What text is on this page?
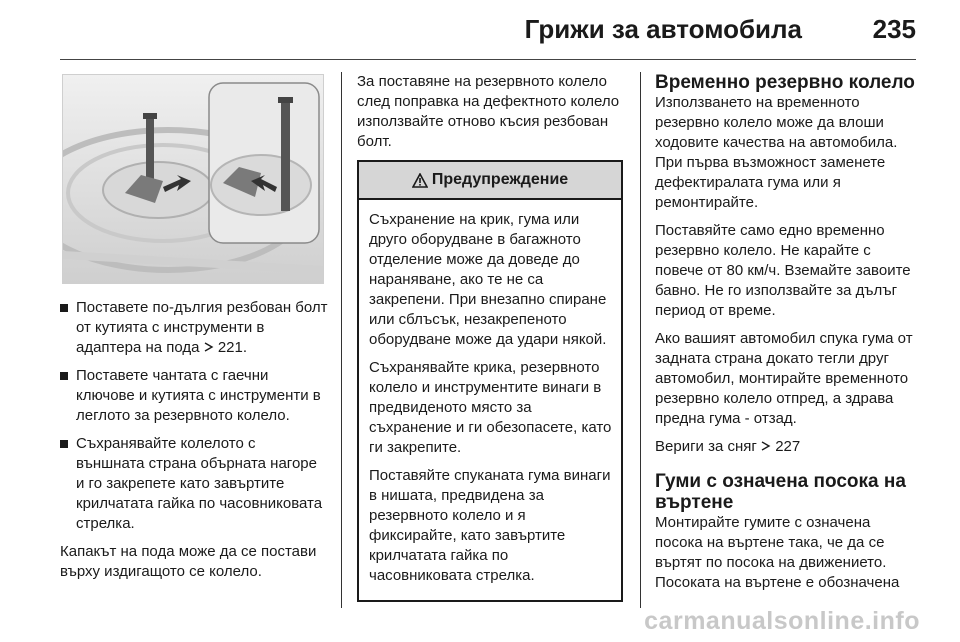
Грижи за автомобила	235
Поставете по-дългия резбован болт от кутията с инструменти в адаптера на пода 221.
Поставете чантата с гаечни ключове и кутията с инструменти в леглото за резервното колело.
Съхранявайте колелото с външната страна обърната нагоре и го закрепете като завъртите крилчатата гайка по часовниковата стрелка.

Капакът на пода може да се постави върху издигащото се колело.

За поставяне на резервното колело след поправка на дефектното колело използвайте отново късия резбован болт.

Предупреждение

Съхранение на крик, гума или друго оборудване в багажното отделение може да доведе до нараняване, ако те не са закрепени. При внезапно спиране или сблъсък, незакрепеното оборудване може да удари някой.

Съхранявайте крика, резервното колело и инструментите винаги в предвиденото място за съхранение и ги обезопасете, като ги закрепите.

Поставяйте спуканата гума винаги в нишата, предвидена за резервното колело и я фиксирайте, като завъртите крилчатата гайка по часовниковата стрелка.

Временно резервно колело

Използването на временното резервно колело може да влоши ходовите качества на автомобила. При първа възможност заменете дефектиралата гума или я ремонтирайте.

Поставяйте само едно временно резервно колело. Не карайте с повече от 80 км/ч. Вземайте завоите бавно. Не го използвайте за дълъг период от време.

Ако вашият автомобил спука гума от задната страна докато тегли друг автомобил, монтирайте временното резервно колело отпред, а здрава предна гума - отзад.

Вериги за сняг 227

Гуми с означена посока на въртене

Монтирайте гумите с означена посока на въртене така, че да се въртят по посока на движението. Посоката на въртене е обозначена

carmanualsonline.info
